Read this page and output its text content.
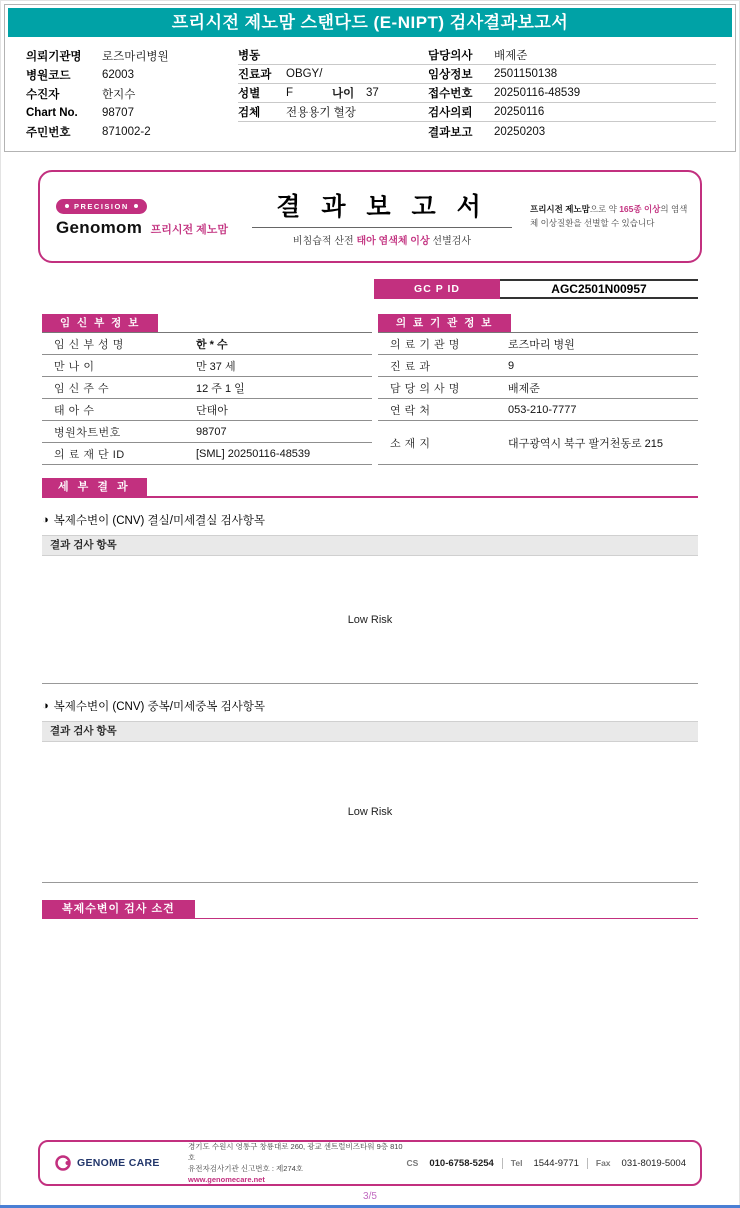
프리시전 제노맘 스탠다드 (E-NIPT) 검사결과보고서
의뢰기관명	로즈마리병원
병원코드	62003
수진자	한지수
Chart No.	98707
주민번호	871002-2
병동
진료과	OBGY/
성별	F	나이	37
검체	전용용기 혈장
담당의사	배제준
임상정보	2501150138
접수번호	20250116-48539
검사의뢰	20250116
결과보고	20250203
PRECISION
Genomom 프리시전 제노맘
결 과 보 고 서
비침습적 산전 태아 염색체 이상 선별검사
프리시전 제노맘으로 약 165종 이상의 염색체 이상질환을 선별할 수 있습니다
GC P ID	AGC2501N00957
임 신 부 정 보
임 신 부 성 명	한 * 수
만 나 이	만 37 세
임 신 주 수	12 주 1 일
태 아 수	단태아
병원차트번호	98707
의 료 재 단 ID	[SML] 20250116-48539
의 료 기 관 정 보
의 료 기 관 명	로즈마리 병원
진 료 과	9
담 당 의 사 명	배제준
연 락 처	053-210-7777
소 재 지	대구광역시 북구 팔거천동로 215
세 부 결 과
◑ 복제수변이 (CNV) 결실/미세결실 검사항목
결과 검사 항목
Low Risk
◑ 복제수변이 (CNV) 중복/미세중복 검사항목
결과 검사 항목
Low Risk
복제수변이 검사 소견
GENOME CARE
경기도 수원시 영통구 창룡대로 260, 광교 센트럴비즈타워 9층 810호
유전자검사기관 신고번호 : 제274호
www.genomecare.net
CS 010-6758-5254 Tel 1544-9771 Fax 031-8019-5004
3/5
